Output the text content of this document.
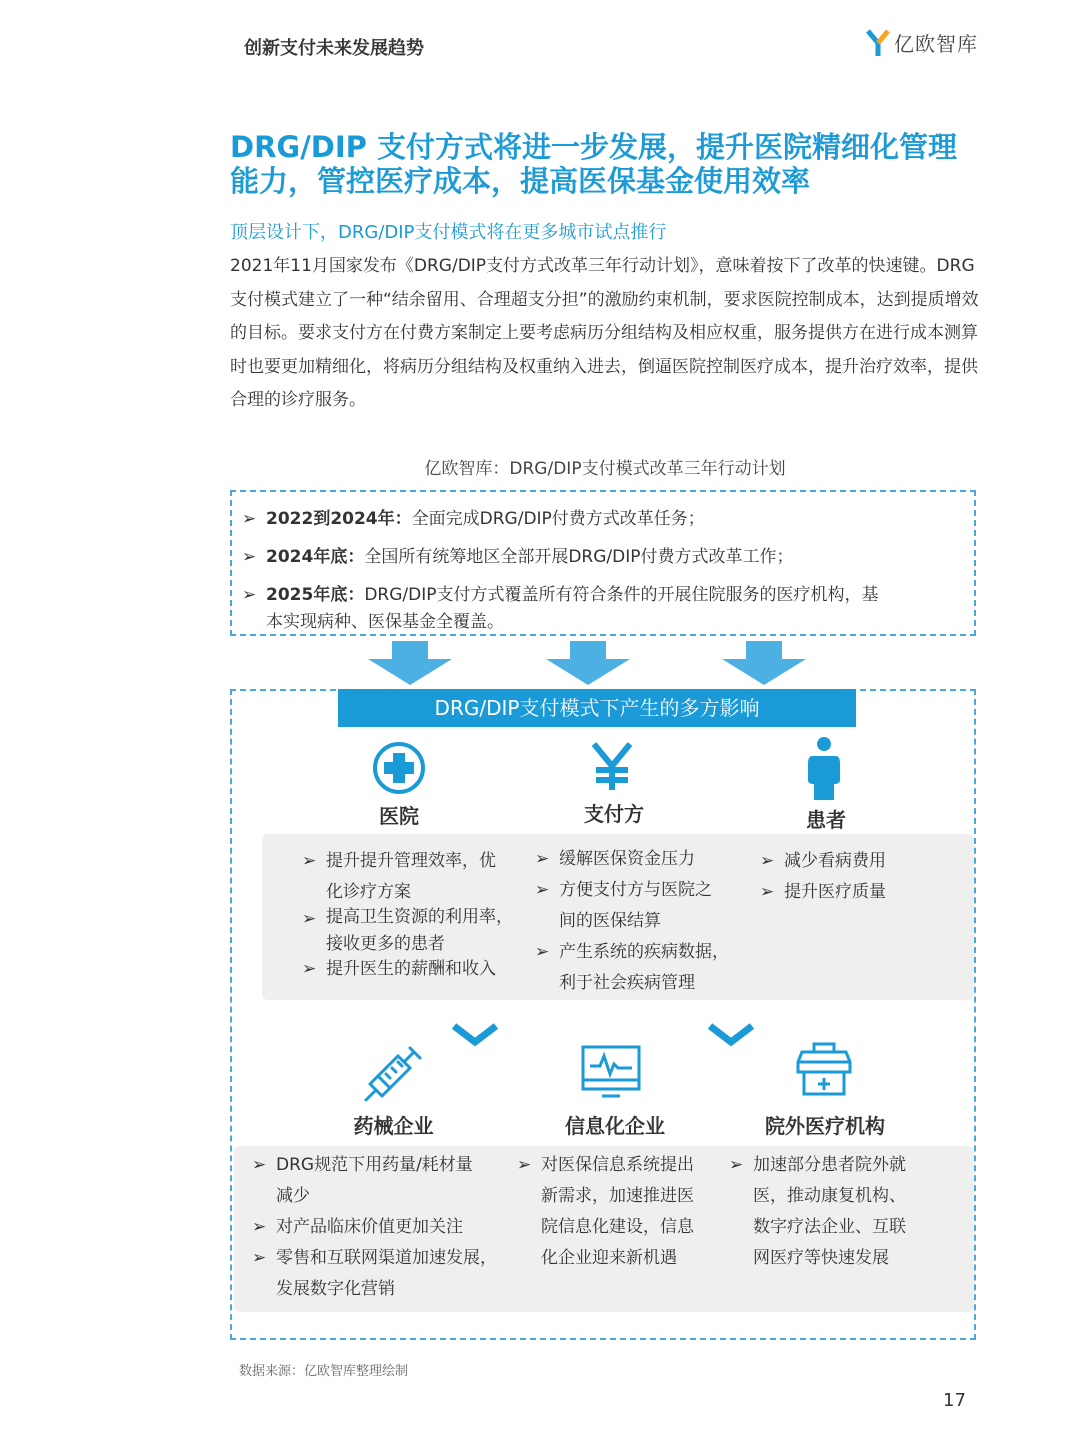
创新支付未来发展趋势	亿欧智库
DRG/DIP 支付方式将进一步发展，提升医院精细化管理能力，管控医疗成本，提高医保基金使用效率
顶层设计下，DRG/DIP支付模式将在更多城市试点推行
2021年11月国家发布《DRG/DIP支付方式改革三年行动计划》，意味着按下了改革的快速键。DRG支付模式建立了一种“结余留用、合理超支分担”的激励约束机制，要求医院控制成本，达到提质增效的目标。要求支付方在付费方案制定上要考虑病历分组结构及相应权重，服务提供方在进行成本测算时也要更加精细化，将病历分组结构及权重纳入进去，倒逼医院控制医疗成本，提升治疗效率，提供合理的诊疗服务。
亿欧智库：DRG/DIP支付模式改革三年行动计划
➢ 2022到2024年：全面完成DRG/DIP付费方式改革任务；
➢ 2024年底：全国所有统筹地区全部开展DRG/DIP付费方式改革工作；
➢ 2025年底：DRG/DIP支付方式覆盖所有符合条件的开展住院服务的医疗机构，基
本实现病种、医保基金全覆盖。
DRG/DIP支付模式下产生的多方影响
医院	支付方	患者
➢ 提升提升管理效率，优
化诊疗方案
➢ 提高卫生资源的利用率，
接收更多的患者
➢ 提升医生的薪酬和收入
➢ 缓解医保资金压力
➢ 方便支付方与医院之
间的医保结算
➢ 产生系统的疾病数据，
利于社会疾病管理
➢ 减少看病费用
➢ 提升医疗质量
药械企业	信息化企业	院外医疗机构
➢ DRG规范下用药量/耗材量
减少
➢ 对产品临床价值更加关注
➢ 零售和互联网渠道加速发展，
发展数字化营销
➢ 对医保信息系统提出
新需求，加速推进医
院信息化建设，信息
化企业迎来新机遇
➢ 加速部分患者院外就
医，推动康复机构、
数字疗法企业、互联
网医疗等快速发展
数据来源：亿欧智库整理绘制
17
